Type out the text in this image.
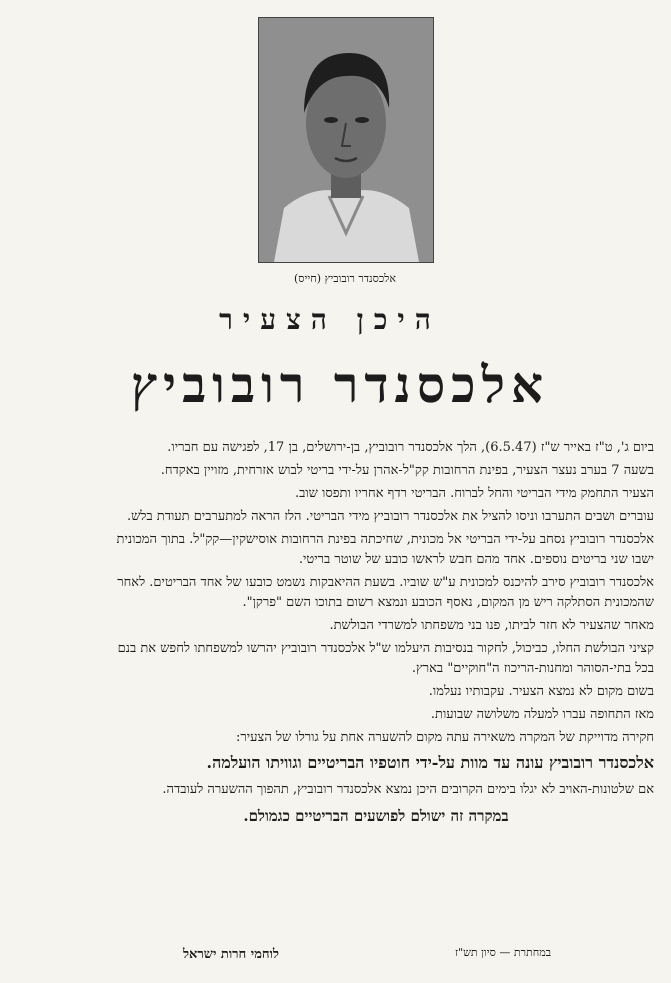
אלכסנדר רובוביץ (חייס)
היכן הצעיר
אלכסנדר רובוביץ

ביום ג', ט"ז באייר ש"ז (6.5.47), הלך אלכסנדר רובוביץ, בן-ירושלים, בן 17, לפגישה עם חבריו.

בשעה 7 בערב נעצר הצעיר, בפינת הרחובות קק"ל-אהרן על-ידי בריטי לבוש אזרחית, מזויין באקדח.

הצעיר התחמק מידי הבריטי והחל לברוח. הבריטי רדף אחריו ותפסו שוב.

עוברים ושבים התערבו וניסו להציל את אלכסנדר רובוביץ מידי הבריטי. הלז הראה למתערבים תעודת בלש.

אלכסנדר רובוביץ נסחב על-ידי הבריטי אל מכונית, שחיכתה בפינת הרחובות אוסישקין—קק"ל. בתוך המכונית ישבו שני בריטים נוספים. אחד מהם חבש לראשו כובע של שוטר בריטי.

אלכסנדר רובוביץ סירב להיכנס למכונית ע"ש שוביו. בשעת ההיאבקות נשמט כובעו של אחד הבריטים. לאחר שהמכונית הסתלקה ריש מן המקום, נאסף הכובע ונמצא רשום בתוכו השם "פרקן".

מאחר שהצעיר לא חזר לביתו, פנו בני משפחתו למשרדי הבולשת.

קציני הבולשת החלו, כביכול, לחקור בנסיבות היעלמו ש"ל אלכסנדר רובוביץ יהרשו למשפחתו לחפש את בנם בכל בתי-הסוהר ומחנות-הריכוז ה"חוקיים" בארץ.

בשום מקום לא נמצא הצעיר. עקבותיו נעלמו.

מאז התחופה עברו למעלה משלושה שבועות.

חקירה מדוייקת של המקרה משאירה עתה מקום להשערה אחת על גורלו של הצעיר:

אלכסנדר רובוביץ עונה עד מוות על-ידי חוטפיו הבריטיים וגוויתו הועלמה.

אם שלטונות-האויב לא יגלו בימים הקרובים היכן נמצא אלכסנדר רובוביץ, תהפוך ההשערה לעובדה.

במקרה זה ישולם לפושעים הבריטיים כגמולם.

לוחמי חרות ישראל	במחתרת — סיון תש"ז
